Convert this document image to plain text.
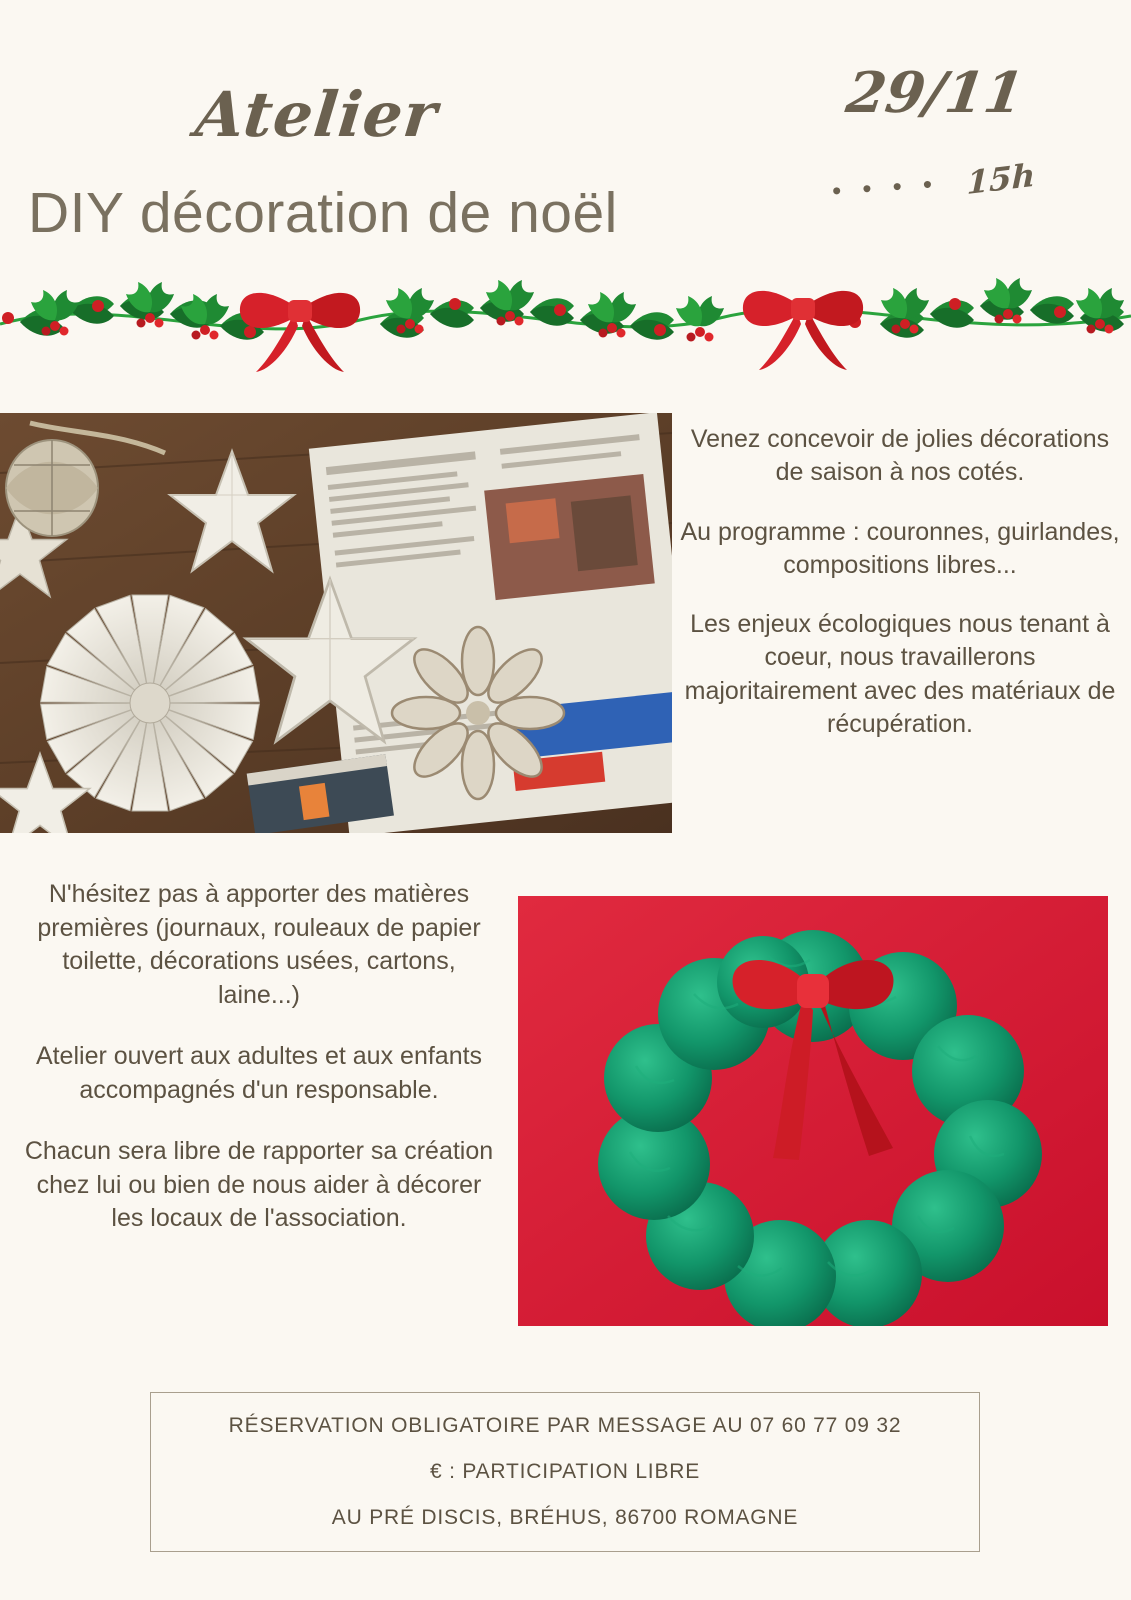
Atelier
DIY décoration de noël
29/11
• • • • 15h

Venez concevoir de jolies décorations de saison à nos cotés.

Au programme : couronnes, guirlandes, compositions libres...

Les enjeux écologiques nous tenant à coeur, nous travaillerons majoritairement avec des matériaux de récupération.

N'hésitez pas à apporter des matières premières (journaux, rouleaux de papier toilette, décorations usées, cartons, laine...)

Atelier ouvert aux adultes et aux enfants accompagnés d'un responsable.

Chacun sera libre de rapporter sa création chez lui ou bien de nous aider à décorer les locaux de l'association.

RÉSERVATION OBLIGATOIRE PAR MESSAGE AU 07 60 77 09 32
€ : PARTICIPATION LIBRE
AU PRÉ DISCIS, BRÉHUS, 86700 ROMAGNE
